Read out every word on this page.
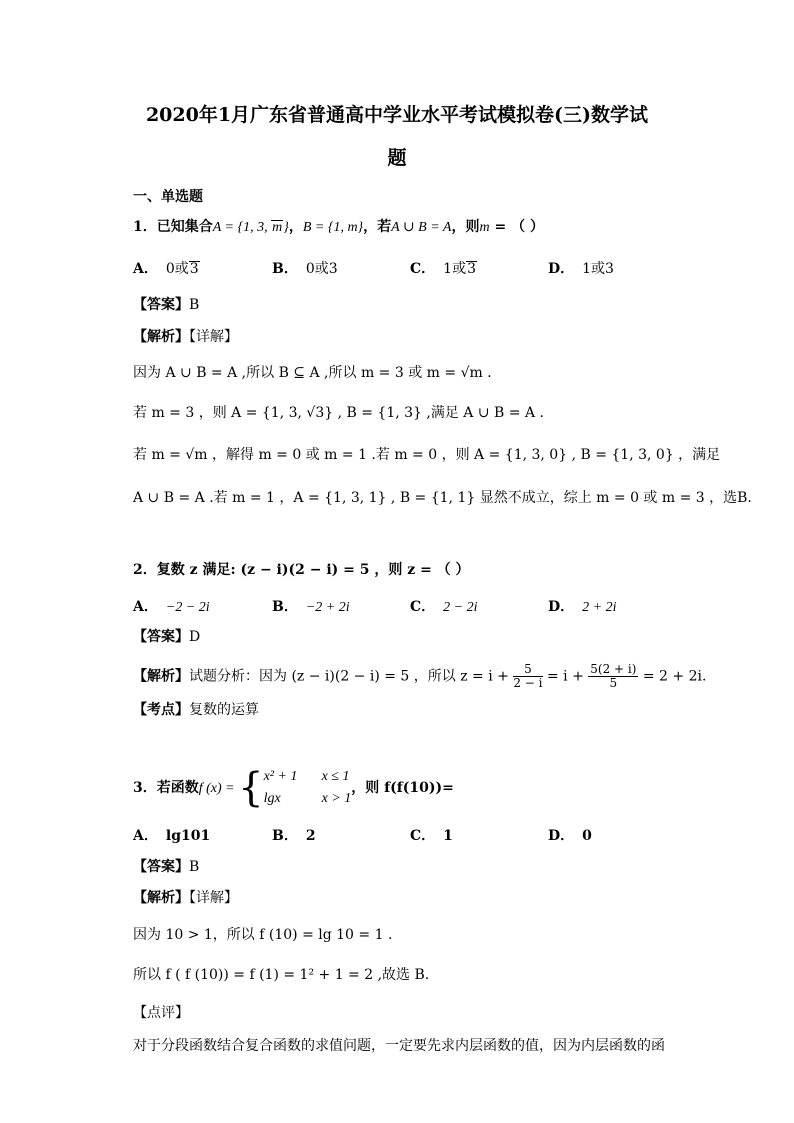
2020年1月广东省普通高中学业水平考试模拟卷(三)数学试
题
一、单选题
1．已知集合A = {1, 3, m}，B = {1, m}，若A ∪ B = A，则m = （ ）
A． 0或3	B． 0或3	C． 1或3	D． 1或3
【答案】B
【解析】【详解】
因为 A ∪ B = A ,所以 B ⊆ A ,所以 m = 3 或 m = √m .
若 m = 3 ，则 A = {1, 3, √3} , B = {1, 3} ,满足 A ∪ B = A .
若 m = √m ，解得 m = 0 或 m = 1 .若 m = 0 ，则 A = {1, 3, 0} , B = {1, 3, 0} ，满足
A ∪ B = A .若 m = 1 ，A = {1, 3, 1} , B = {1, 1} 显然不成立，综上 m = 0 或 m = 3 ，选B.
2．复数 z 满足: (z − i)(2 − i) = 5 ，则 z = （ ）
A． −2 − 2i	B． −2 + 2i	C． 2 − 2i	D． 2 + 2i
【答案】D
【解析】试题分析：因为 (z − i)(2 − i) = 5 ，所以 $z = i + \frac{5}{2 - i} = i + \frac{5(2 + i)}{5} = 2 + 2i$.
【考点】复数的运算
3．若函数f (x) = { x² + 1 x ≤ 1
lgx	x > 1
，则 f(f(10))=
A． lg101	B． 2	C． 1	D． 0
【答案】B
【解析】【详解】
因为 10 > 1，所以 f (10) = lg 10 = 1 .
所以 f ( f (10)) = f (1) = 1² + 1 = 2 ,故选 B.
【点评】
对于分段函数结合复合函数的求值问题，一定要先求内层函数的值，因为内层函数的函
